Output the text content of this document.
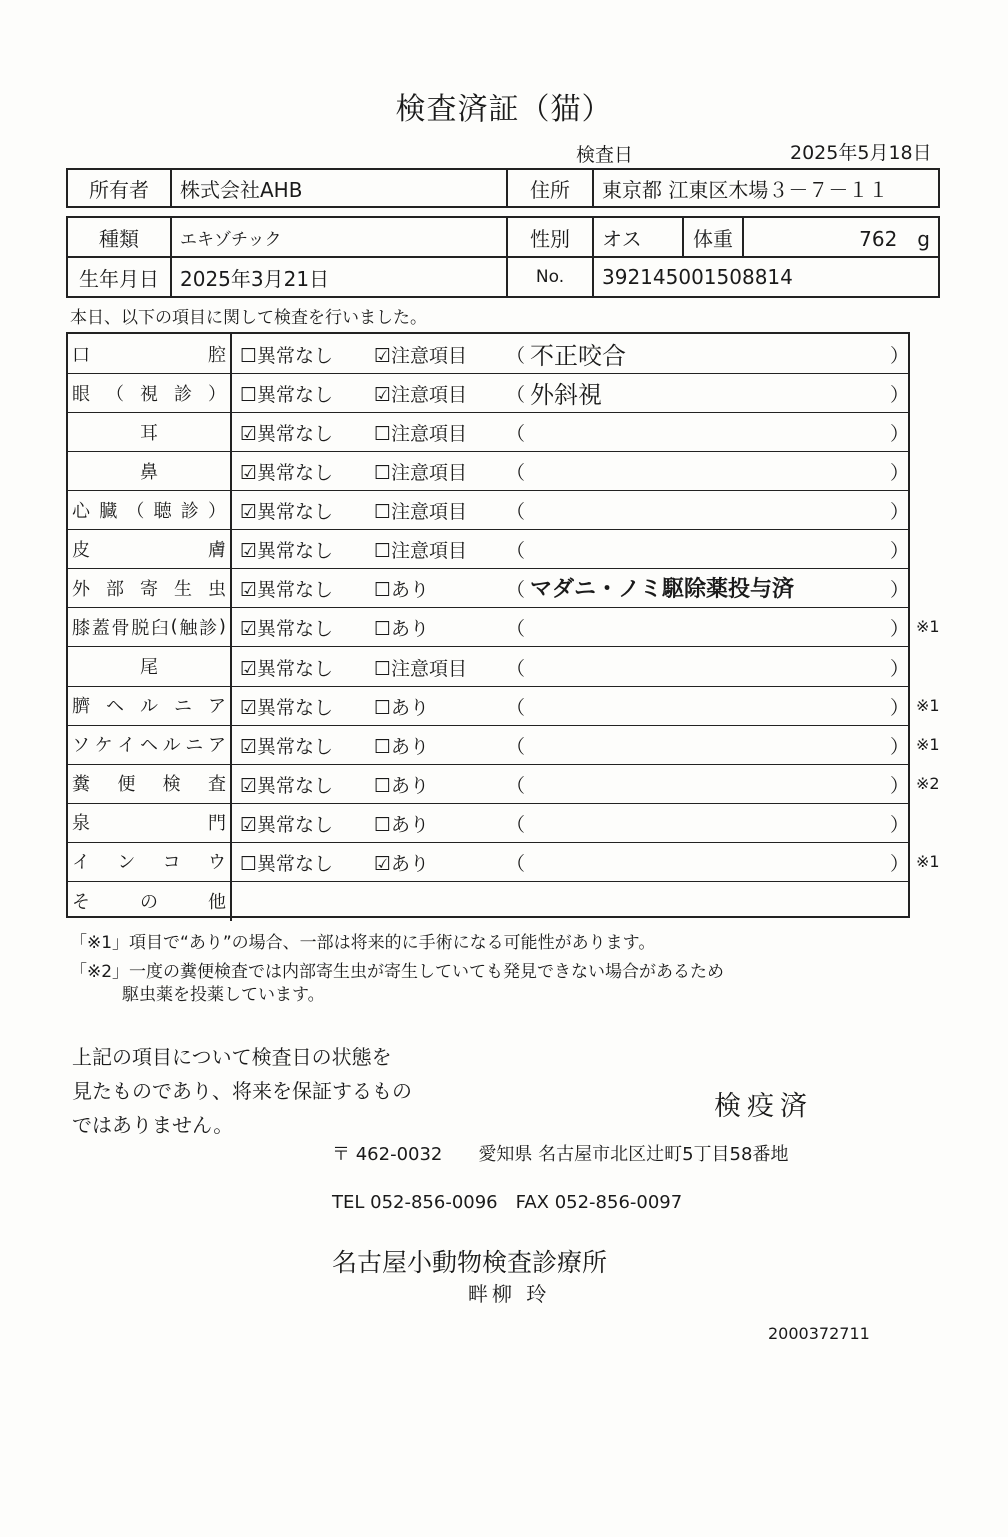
検査済証（猫）
検査日	2025年5月18日
所有者	株式会社AHB	住所	東京都 江東区木場３－７－１１
種類	エキゾチック	性別	オス	体重	762　g
生年月日	2025年3月21日	No.	392145001508814		
本日、以下の項目に関して検査を行いました。
口	腔 ☐異常なし ☑注意項目 （ 不正咬合	）
眼 （ 視 診 ） ☐異常なし ☑注意項目 （ 外斜視	）
耳	☑異常なし ☐注意項目 （	）
鼻	☑異常なし ☐注意項目 （	）
心 臓 （ 聴 診 ） ☑異常なし ☐注意項目 （	）
皮	膚 ☑異常なし ☐注意項目 （	）
外 部 寄 生 虫 ☑異常なし ☐あり	（ マダニ・ノミ駆除薬投与済	）
膝 蓋 骨 脱 臼 ( 触 診 ) ☑異常なし ☐あり	（	） ※1
尾	☑異常なし ☐注意項目 （	）
臍 ヘ ル ニ ア ☑異常なし ☐あり	（	） ※1
ソ ケ イ ヘ ル ニ ア ☑異常なし ☐あり	（	） ※1
糞 便 検 査 ☑異常なし ☐あり	（	） ※2
泉	門 ☑異常なし ☐あり	（	）
イ ン コ ウ ☐異常なし ☑あり	（	） ※1
そ	の	他
「※1」項目で“あり”の場合、一部は将来的に手術になる可能性があります。
「※2」一度の糞便検査では内部寄生虫が寄生していても発見できない場合があるため
駆虫薬を投薬しています。
上記の項目について検査日の状態を
見たものであり、将来を保証するもの
ではありません。
検疫済
〒 462-0032　　愛知県 名古屋市北区辻町5丁目58番地
TEL 052-856-0096　FAX 052-856-0097
名古屋小動物検査診療所
畔柳 玲
2000372711
